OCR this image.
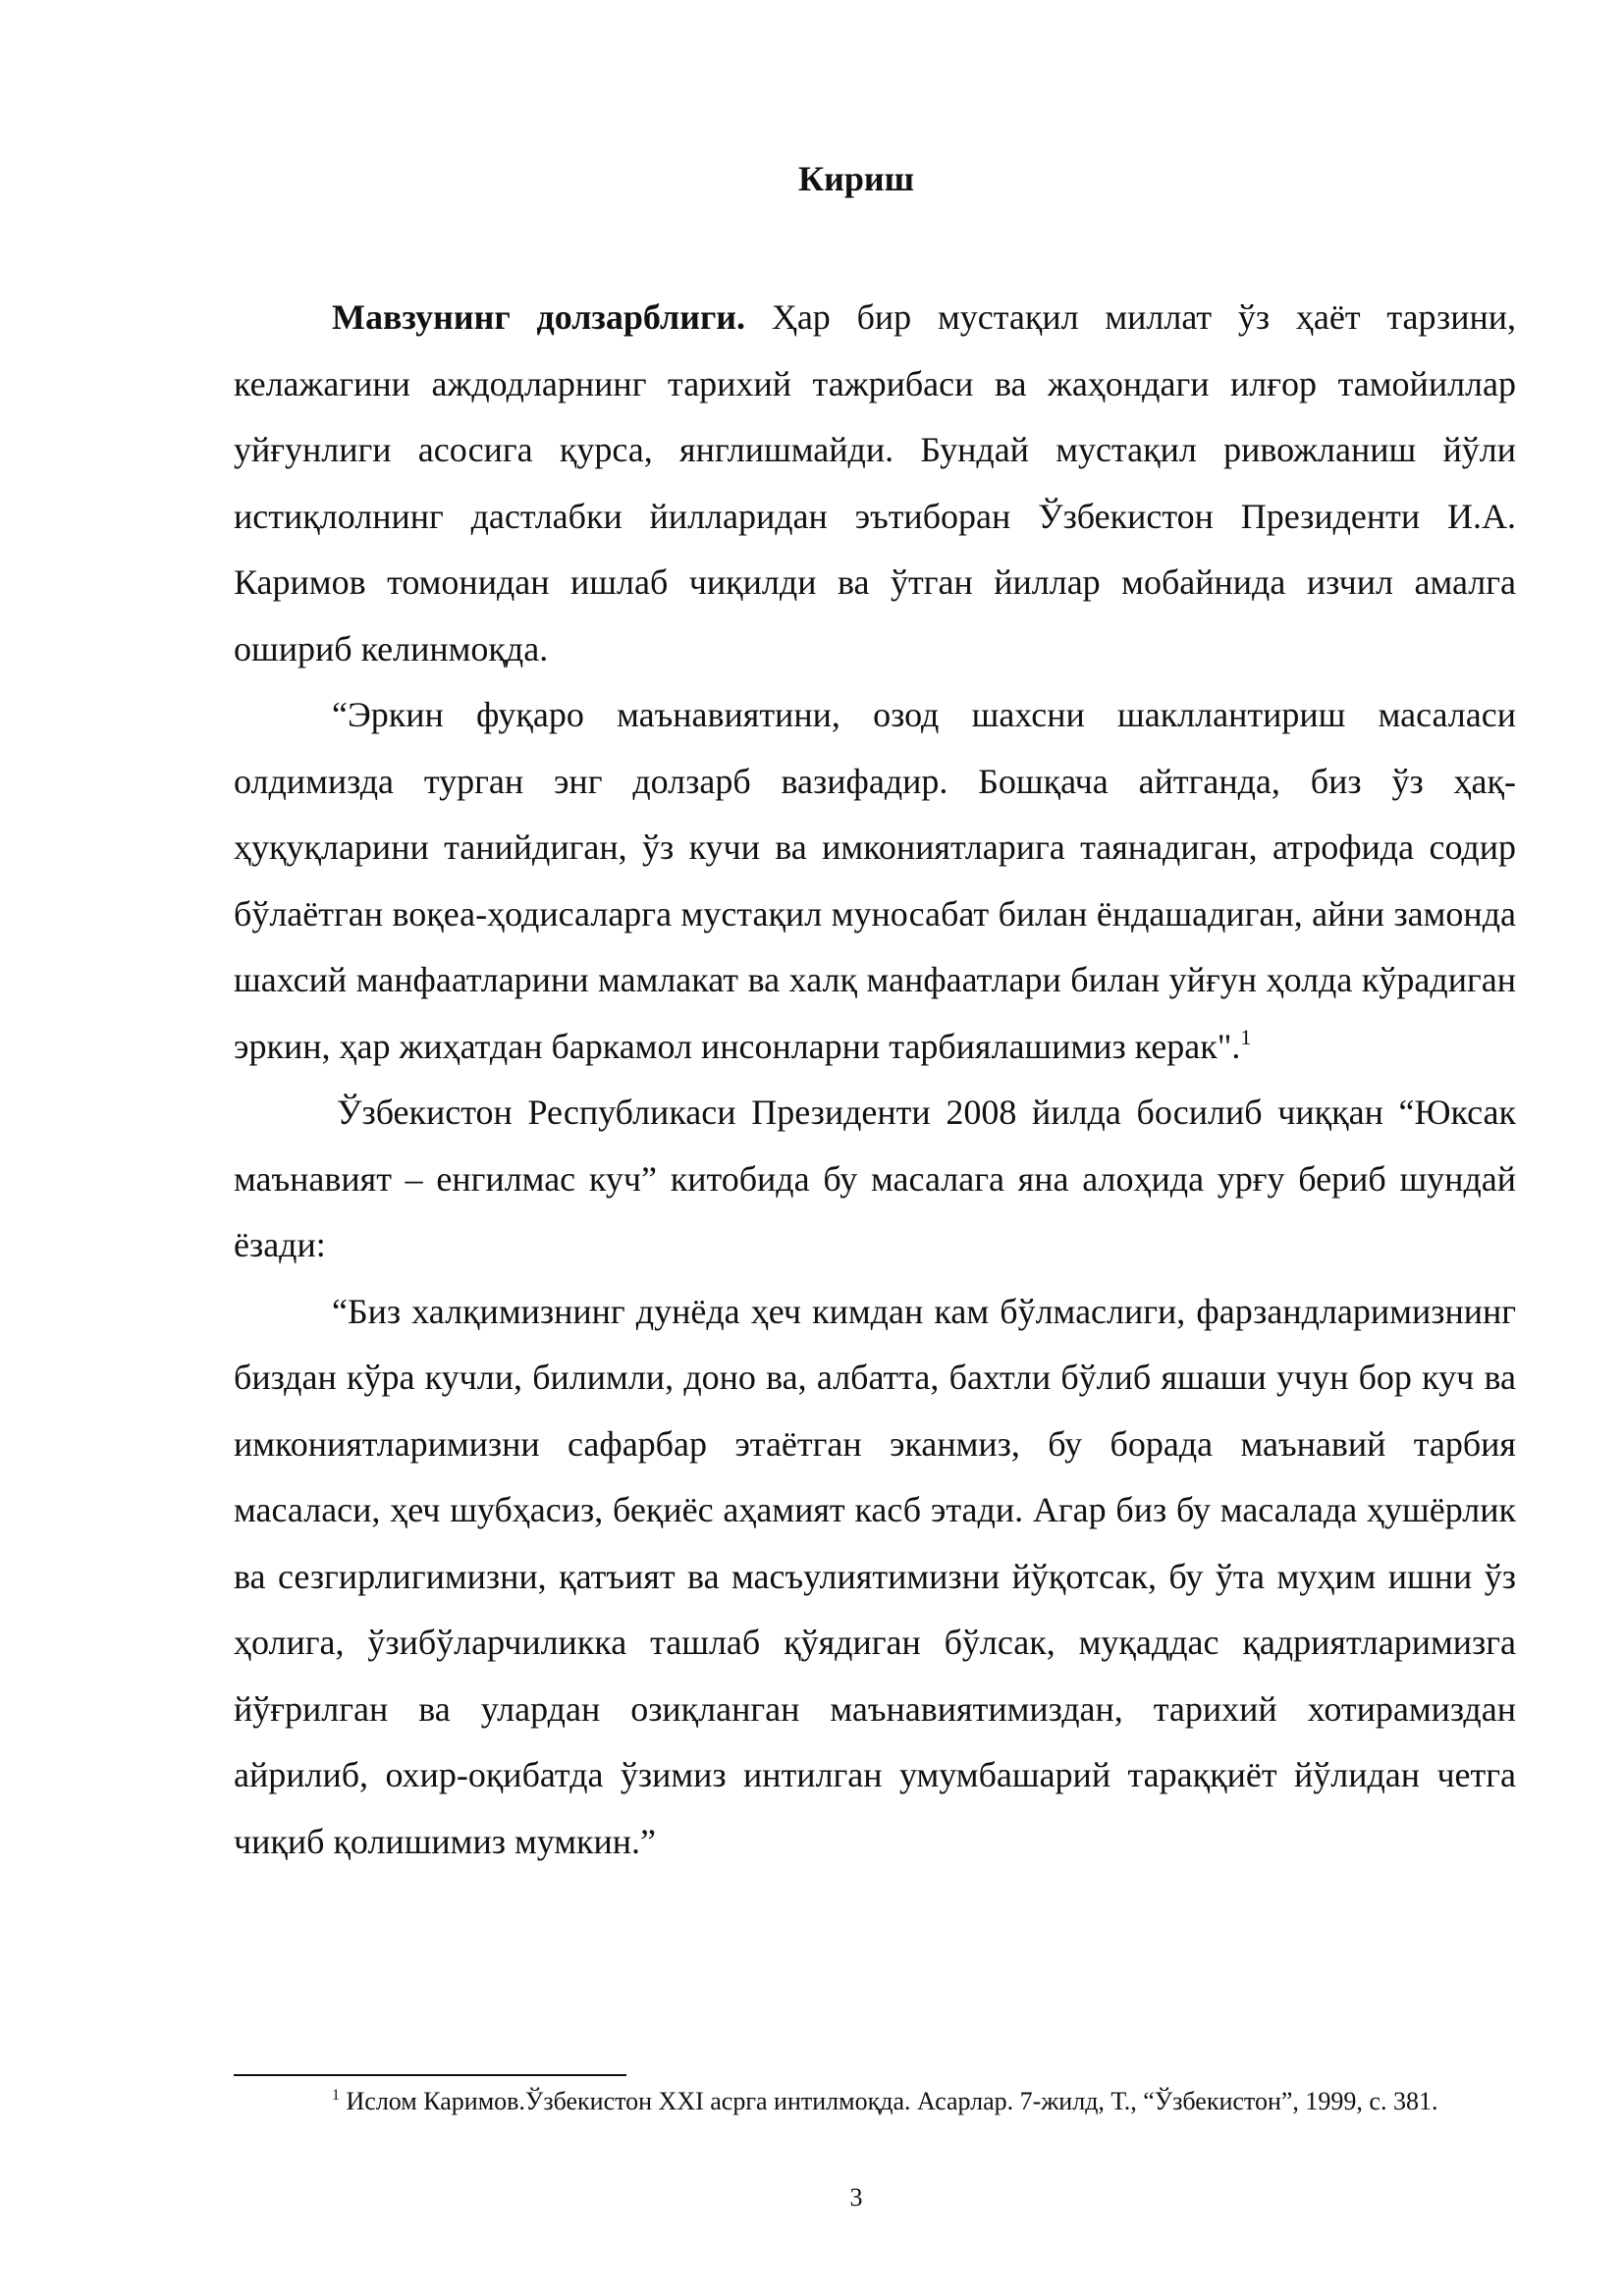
Кириш

Мавзунинг долзарблиги. Ҳар бир мустақил миллат ўз ҳаёт тарзини, келажагини аждодларнинг тарихий тажрибаси ва жаҳондаги илғор тамойиллар уйғунлиги асосига қурса, янглишмайди. Бундай мустақил ривожланиш йўли истиқлолнинг дастлабки йилларидан эътиборан Ўзбекистон Президенти И.А. Каримов томонидан ишлаб чиқилди ва ўтган йиллар мобайнида изчил амалга ошириб келинмоқда.

“Эркин фуқаро маънавиятини, озод шахсни шакллантириш масаласи олдимизда турган энг долзарб вазифадир. Бошқача айтганда, биз ўз ҳақ-ҳуқуқларини танийдиган, ўз кучи ва имкониятларига таянадиган, атрофида содир бўлаётган воқеа-ҳодисаларга мустақил муносабат билан ёндашадиган, айни замонда шахсий манфаатларини мамлакат ва халқ манфаатлари билан уйғун ҳолда кўрадиган эркин, ҳар жиҳатдан баркамол инсонларни тарбиялашимиз керак".$^1$

Ўзбекистон Республикаси Президенти 2008 йилда босилиб чиққан “Юксак маънавият – енгилмас куч” китобида бу масалага яна алоҳида урғу бериб шундай ёзади:

“Биз халқимизнинг дунёда ҳеч кимдан кам бўлмаслиги, фарзандларимизнинг биздан кўра кучли, билимли, доно ва, албатта, бахтли бўлиб яшаши учун бор куч ва имкониятларимизни сафарбар этаётган эканмиз, бу борада маънавий тарбия масаласи, ҳеч шубҳасиз, беқиёс аҳамият касб этади. Агар биз бу масалада ҳушёрлик ва сезгирлигимизни, қатъият ва масъулиятимизни йўқотсак, бу ўта муҳим ишни ўз ҳолига, ўзибўларчиликка ташлаб қўядиган бўлсак, муқаддас қадриятларимизга йўғрилган ва улардан озиқланган маънавиятимиздан, тарихий хотирамиздан айрилиб, охир-оқибатда ўзимиз интилган умумбашарий тараққиёт йўлидан четга чиқиб қолишимиз мумкин.”

$^1$ Ислом Каримов.Ўзбекистон XXI асрга интилмоқда. Асарлар. 7-жилд, Т., “Ўзбекистон”, 1999, с. 381.

3
